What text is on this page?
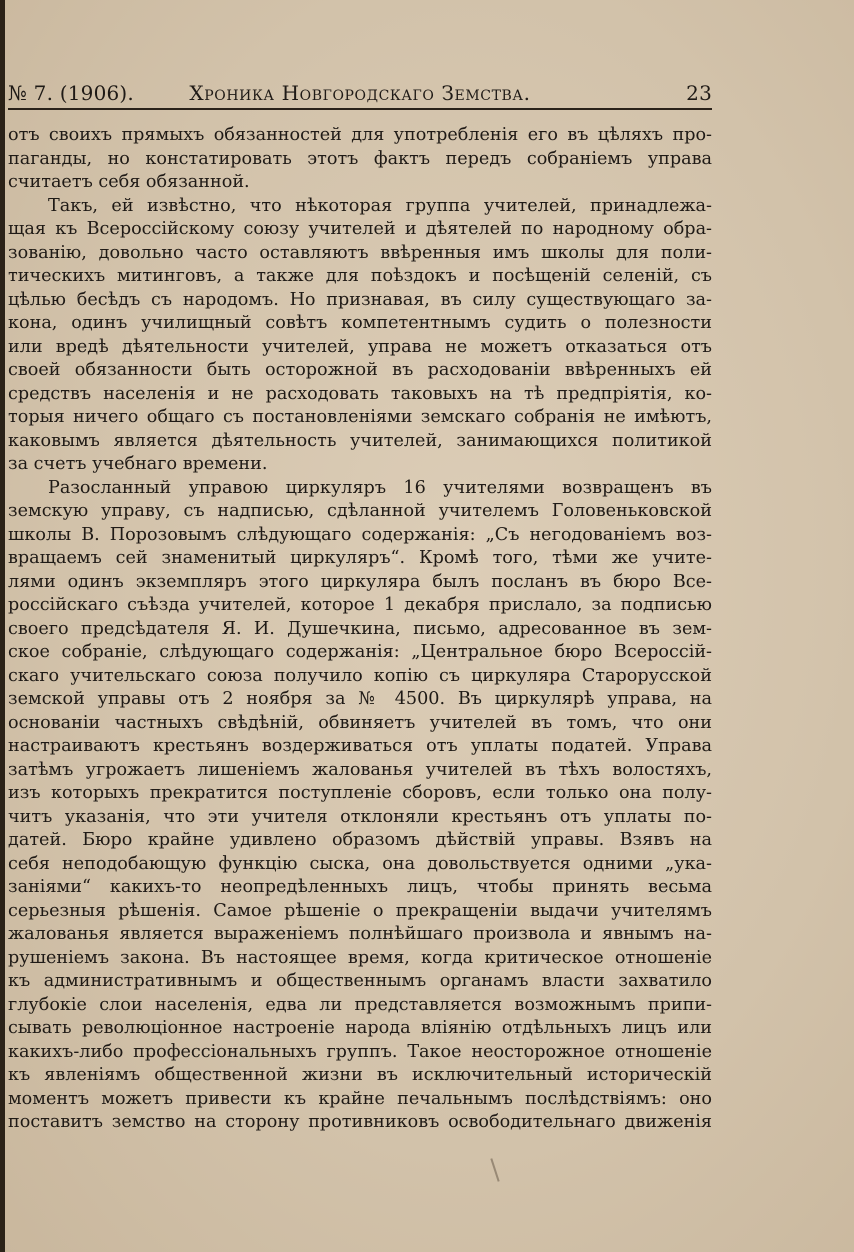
№ 7. (1906).	Хроника Новгородскаго Земства.	23
отъ своихъ прямыхъ обязанностей для употребленія его въ цѣляхъ про-
паганды, но констатировать этотъ фактъ передъ собраніемъ управа
считаетъ себя обязанной.
Такъ, ей извѣстно, что нѣкоторая группа учителей, принадлежа-
щая къ Всероссійскому союзу учителей и дѣятелей по народному обра-
зованію, довольно часто оставляютъ ввѣренныя имъ школы для поли-
тическихъ митинговъ, а также для поѣздокъ и посѣщеній селеній, съ
цѣлью бесѣдъ съ народомъ. Но признавая, въ силу существующаго за-
кона, одинъ училищный совѣтъ компетентнымъ судить о полезности
или вредѣ дѣятельности учителей, управа не можетъ отказаться отъ
своей обязанности быть осторожной въ расходованіи ввѣренныхъ ей
средствъ населенія и не расходовать таковыхъ на тѣ предпріятія, ко-
торыя ничего общаго съ постановленіями земскаго собранія не имѣютъ,
каковымъ является дѣятельность учителей, занимающихся политикой
за счетъ учебнаго времени.
Разосланный управою циркуляръ 16 учителями возвращенъ въ
земскую управу, съ надписью, сдѣланной учителемъ Головеньковской
школы В. Порозовымъ слѣдующаго содержанія: „Съ негодованіемъ воз-
вращаемъ сей знаменитый циркуляръ“. Кромѣ того, тѣми же учите-
лями одинъ экземпляръ этого циркуляра былъ посланъ въ бюро Все-
россійскаго съѣзда учителей, которое 1 декабря прислало, за подписью
своего предсѣдателя Я. И. Душечкина, письмо, адресованное въ зем-
ское собраніе, слѣдующаго содержанія: „Центральное бюро Всероссій-
скаго учительскаго союза получило копію съ циркуляра Старорусской
земской управы отъ 2 ноября за № 4500. Въ циркулярѣ управа, на
основаніи частныхъ свѣдѣній, обвиняетъ учителей въ томъ, что они
настраиваютъ крестьянъ воздерживаться отъ уплаты податей. Управа
затѣмъ угрожаетъ лишеніемъ жалованья учителей въ тѣхъ волостяхъ,
изъ которыхъ прекратится поступленіе сборовъ, если только она полу-
читъ указанія, что эти учителя отклоняли крестьянъ отъ уплаты по-
датей. Бюро крайне удивлено образомъ дѣйствій управы. Взявъ на
себя неподобающую функцію сыска, она довольствуется одними „ука-
заніями“ какихъ-то неопредѣленныхъ лицъ, чтобы принять весьма
серьезныя рѣшенія. Самое рѣшеніе о прекращеніи выдачи учителямъ
жалованья является выраженіемъ полнѣйшаго произвола и явнымъ на-
рушеніемъ закона. Въ настоящее время, когда критическое отношеніе
къ административнымъ и общественнымъ органамъ власти захватило
глубокіе слои населенія, едва ли представляется возможнымъ припи-
сывать революціонное настроеніе народа вліянію отдѣльныхъ лицъ или
какихъ-либо профессіональныхъ группъ. Такое неосторожное отношеніе
къ явленіямъ общественной жизни въ исключительный историческій
моментъ можетъ привести къ крайне печальнымъ послѣдствіямъ: оно
поставитъ земство на сторону противниковъ освободительнаго движенія
